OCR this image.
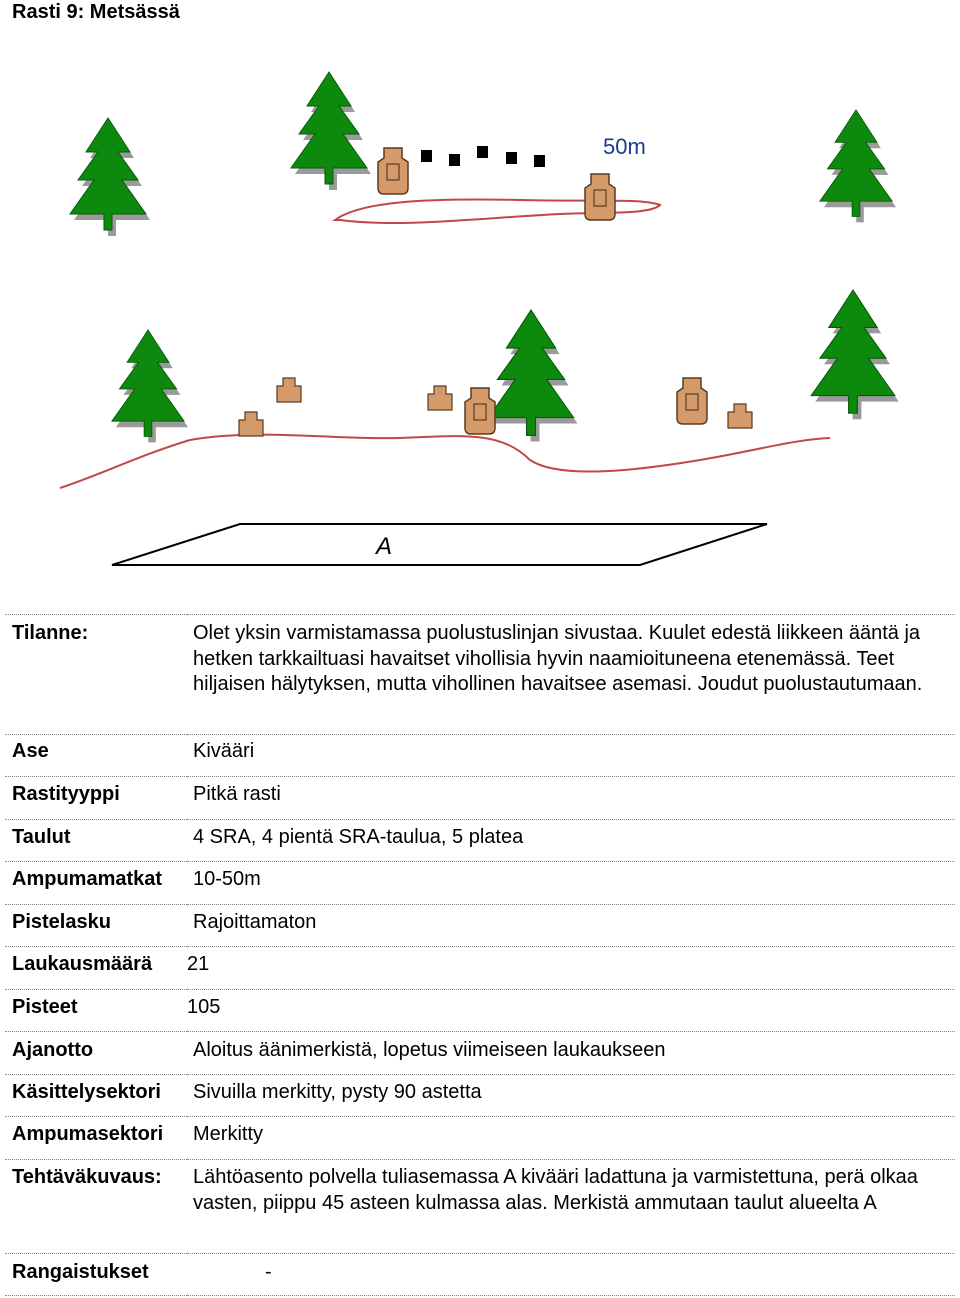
Rasti 9: Metsässä
50m
A
Tilanne:	Olet yksin varmistamassa puolustuslinjan sivustaa. Kuulet edestä liikkeen ääntä ja hetken tarkkailtuasi havaitset vihollisia hyvin naamioituneena etenemässä. Teet hiljaisen hälytyksen, mutta vihollinen havaitsee asemasi. Joudut puolustautumaan.
Ase	Kivääri
Rastityyppi	Pitkä rasti
Taulut	4 SRA, 4 pientä SRA-taulua, 5 platea
Ampumamatkat	10-50m
Pistelasku	Rajoittamaton
Laukausmäärä	21
Pisteet	105
Ajanotto	Aloitus äänimerkistä, lopetus viimeiseen laukaukseen
Käsittelysektori	Sivuilla merkitty, pysty 90 astetta
Ampumasektori	Merkitty
Tehtäväkuvaus:	Lähtöasento polvella tuliasemassa A kivääri ladattuna ja varmistettuna, perä olkaa vasten, piippu 45 asteen kulmassa alas. Merkistä ammutaan taulut alueelta A
Rangaistukset	-
